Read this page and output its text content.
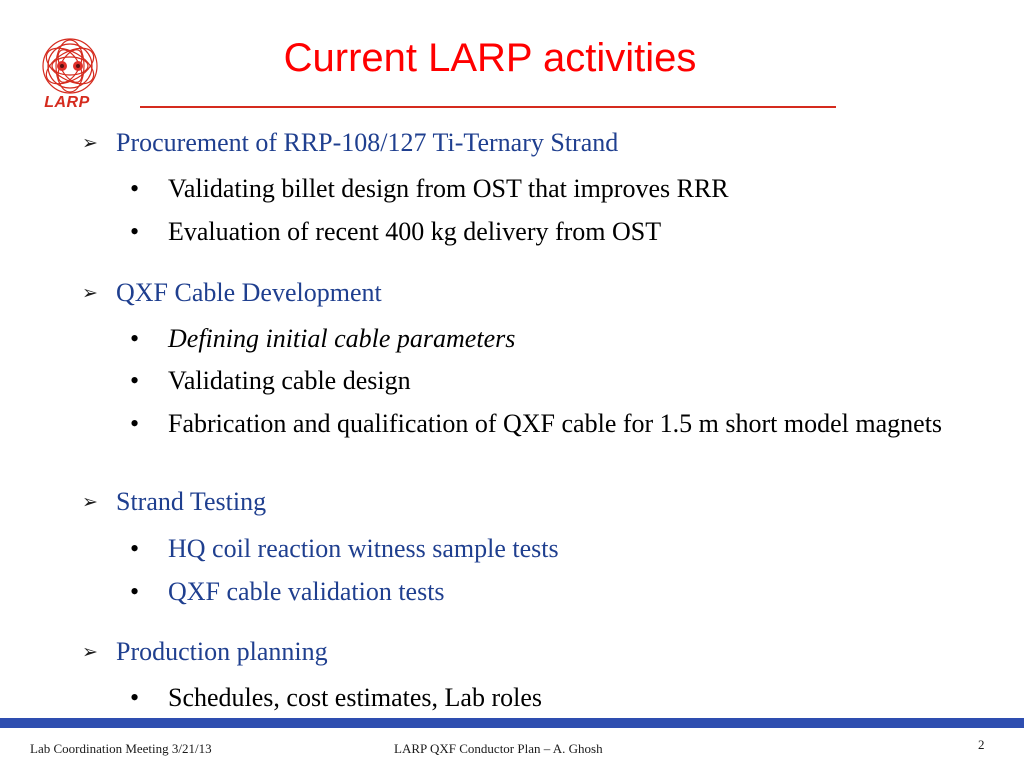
LARP
Current LARP activities
➢ Procurement of RRP-108/127 Ti-Ternary Strand
•	Validating billet design from OST that improves RRR
•	Evaluation of recent 400 kg delivery from OST
➢ QXF Cable Development
•	Defining initial cable parameters
•	Validating cable design
•	Fabrication and qualification of QXF cable for 1.5 m short model magnets
➢ Strand Testing
•	HQ coil reaction witness sample tests
•	QXF cable validation tests
➢ Production planning
•	Schedules, cost estimates, Lab roles
Lab Coordination Meeting 3/21/13	LARP QXF Conductor Plan – A. Ghosh	2
